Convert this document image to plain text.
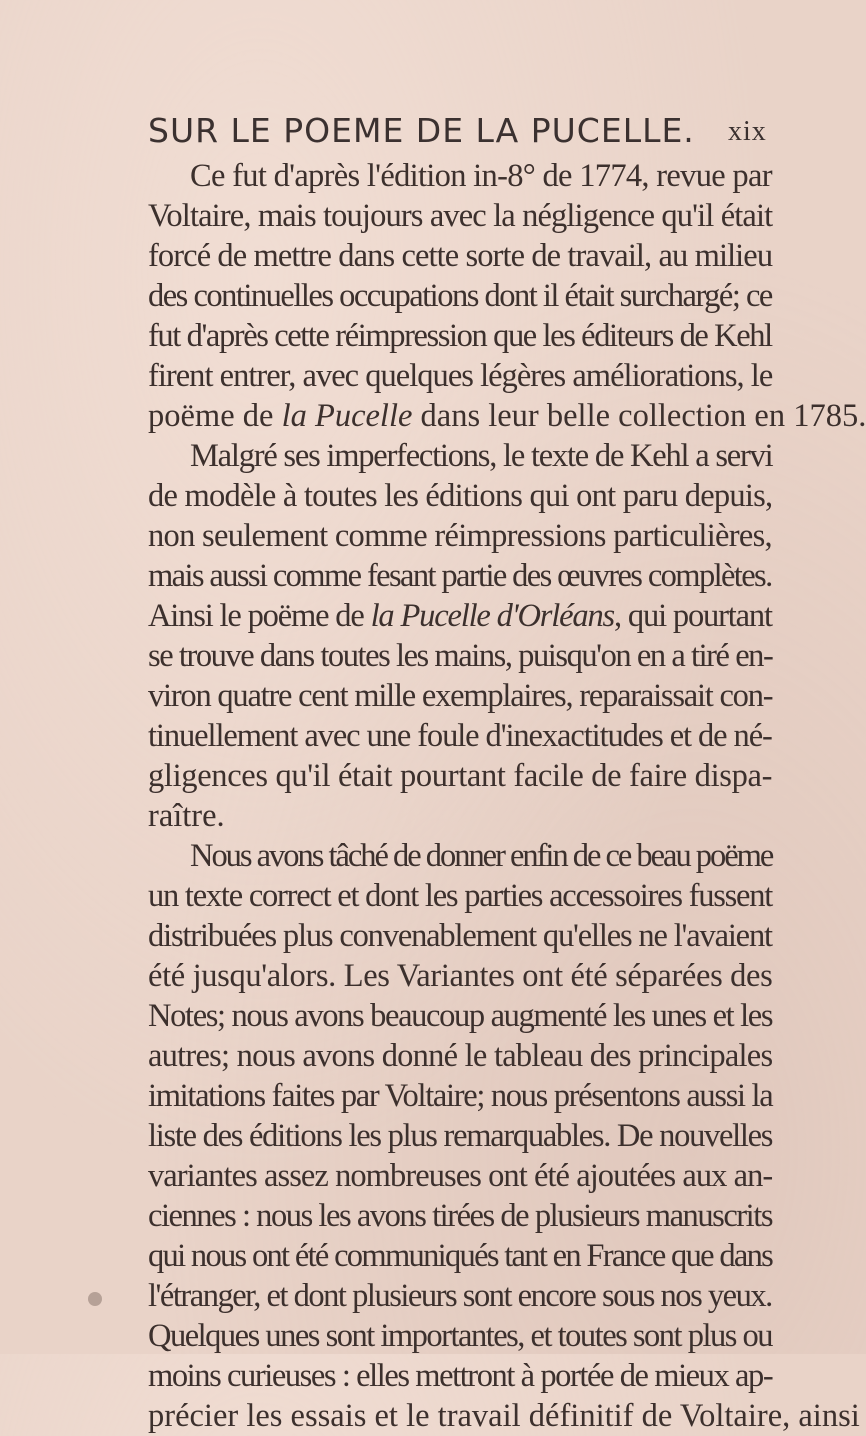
SUR LE POEME DE LA PUCELLE. xix
Ce fut d'après l'édition in-8° de 1774, revue par
Voltaire, mais toujours avec la négligence qu'il était
forcé de mettre dans cette sorte de travail, au milieu
des continuelles occupations dont il était surchargé; ce
fut d'après cette réimpression que les éditeurs de Kehl
firent entrer, avec quelques légères améliorations, le
poëme de la Pucelle dans leur belle collection en 1785.
Malgré ses imperfections, le texte de Kehl a servi
de modèle à toutes les éditions qui ont paru depuis,
non seulement comme réimpressions particulières,
mais aussi comme fesant partie des œuvres complètes.
Ainsi le poëme de la Pucelle d'Orléans, qui pourtant
se trouve dans toutes les mains, puisqu'on en a tiré en-
viron quatre cent mille exemplaires, reparaissait con-
tinuellement avec une foule d'inexactitudes et de né-
gligences qu'il était pourtant facile de faire dispa-
raître.
Nous avons tâché de donner enfin de ce beau poëme
un texte correct et dont les parties accessoires fussent
distribuées plus convenablement qu'elles ne l'avaient
été jusqu'alors. Les Variantes ont été séparées des
Notes; nous avons beaucoup augmenté les unes et les
autres; nous avons donné le tableau des principales
imitations faites par Voltaire; nous présentons aussi la
liste des éditions les plus remarquables. De nouvelles
variantes assez nombreuses ont été ajoutées aux an-
ciennes : nous les avons tirées de plusieurs manuscrits
qui nous ont été communiqués tant en France que dans
l'étranger, et dont plusieurs sont encore sous nos yeux.
Quelques unes sont importantes, et toutes sont plus ou
moins curieuses : elles mettront à portée de mieux ap-
précier les essais et le travail définitif de Voltaire, ainsi
